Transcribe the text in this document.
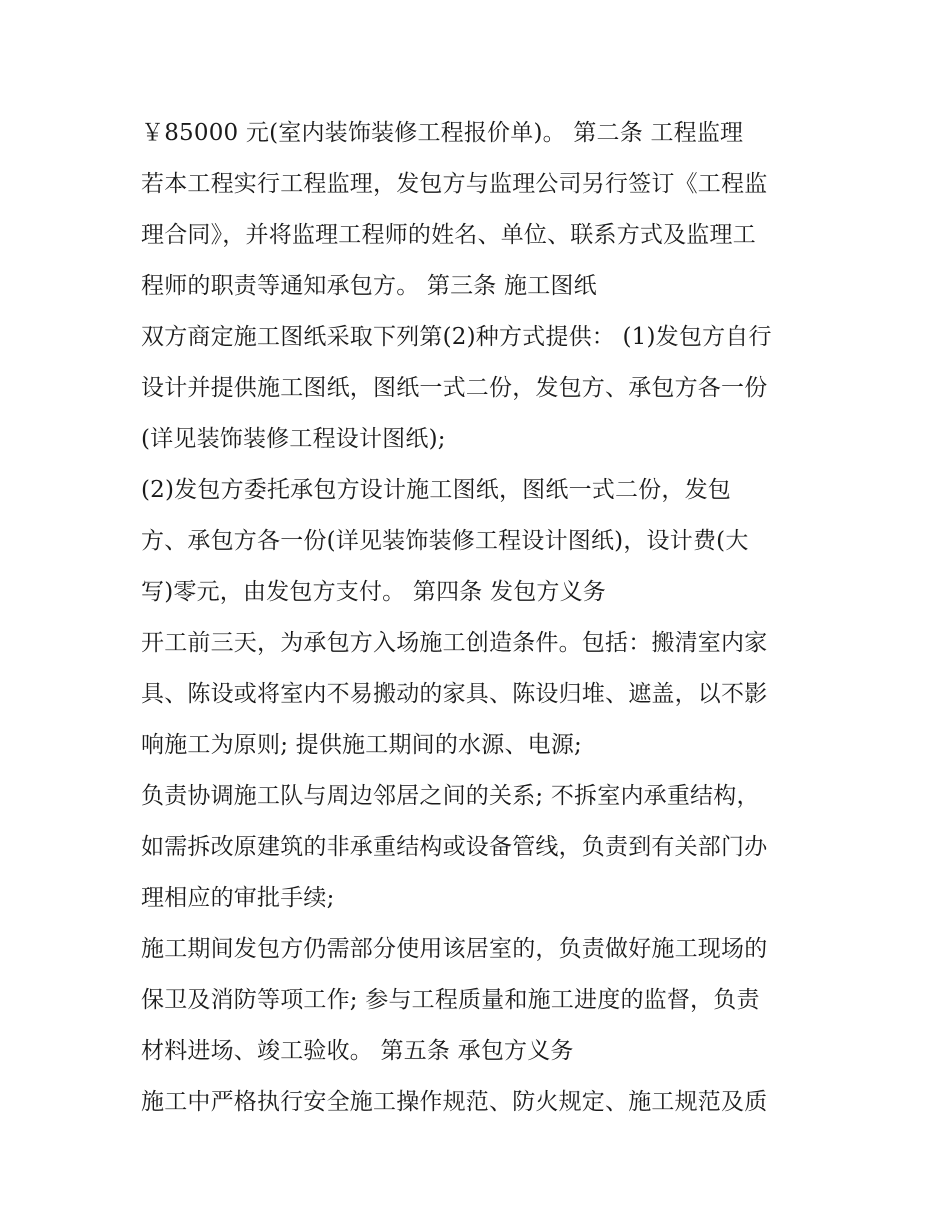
￥85000 元(室内装饰装修工程报价单)。 第二条 工程监理
若本工程实行工程监理，发包方与监理公司另行签订《工程监
理合同》，并将监理工程师的姓名、单位、联系方式及监理工
程师的职责等通知承包方。 第三条 施工图纸
双方商定施工图纸采取下列第(2)种方式提供： (1)发包方自行
设计并提供施工图纸，图纸一式二份，发包方、承包方各一份
(详见装饰装修工程设计图纸);
(2)发包方委托承包方设计施工图纸，图纸一式二份，发包
方、承包方各一份(详见装饰装修工程设计图纸)，设计费(大
写)零元，由发包方支付。 第四条 发包方义务
开工前三天，为承包方入场施工创造条件。包括：搬清室内家
具、陈设或将室内不易搬动的家具、陈设归堆、遮盖，以不影
响施工为原则; 提供施工期间的水源、电源;
负责协调施工队与周边邻居之间的关系; 不拆室内承重结构，
如需拆改原建筑的非承重结构或设备管线，负责到有关部门办
理相应的审批手续;
施工期间发包方仍需部分使用该居室的，负责做好施工现场的
保卫及消防等项工作; 参与工程质量和施工进度的监督，负责
材料进场、竣工验收。 第五条 承包方义务
施工中严格执行安全施工操作规范、防火规定、施工规范及质
